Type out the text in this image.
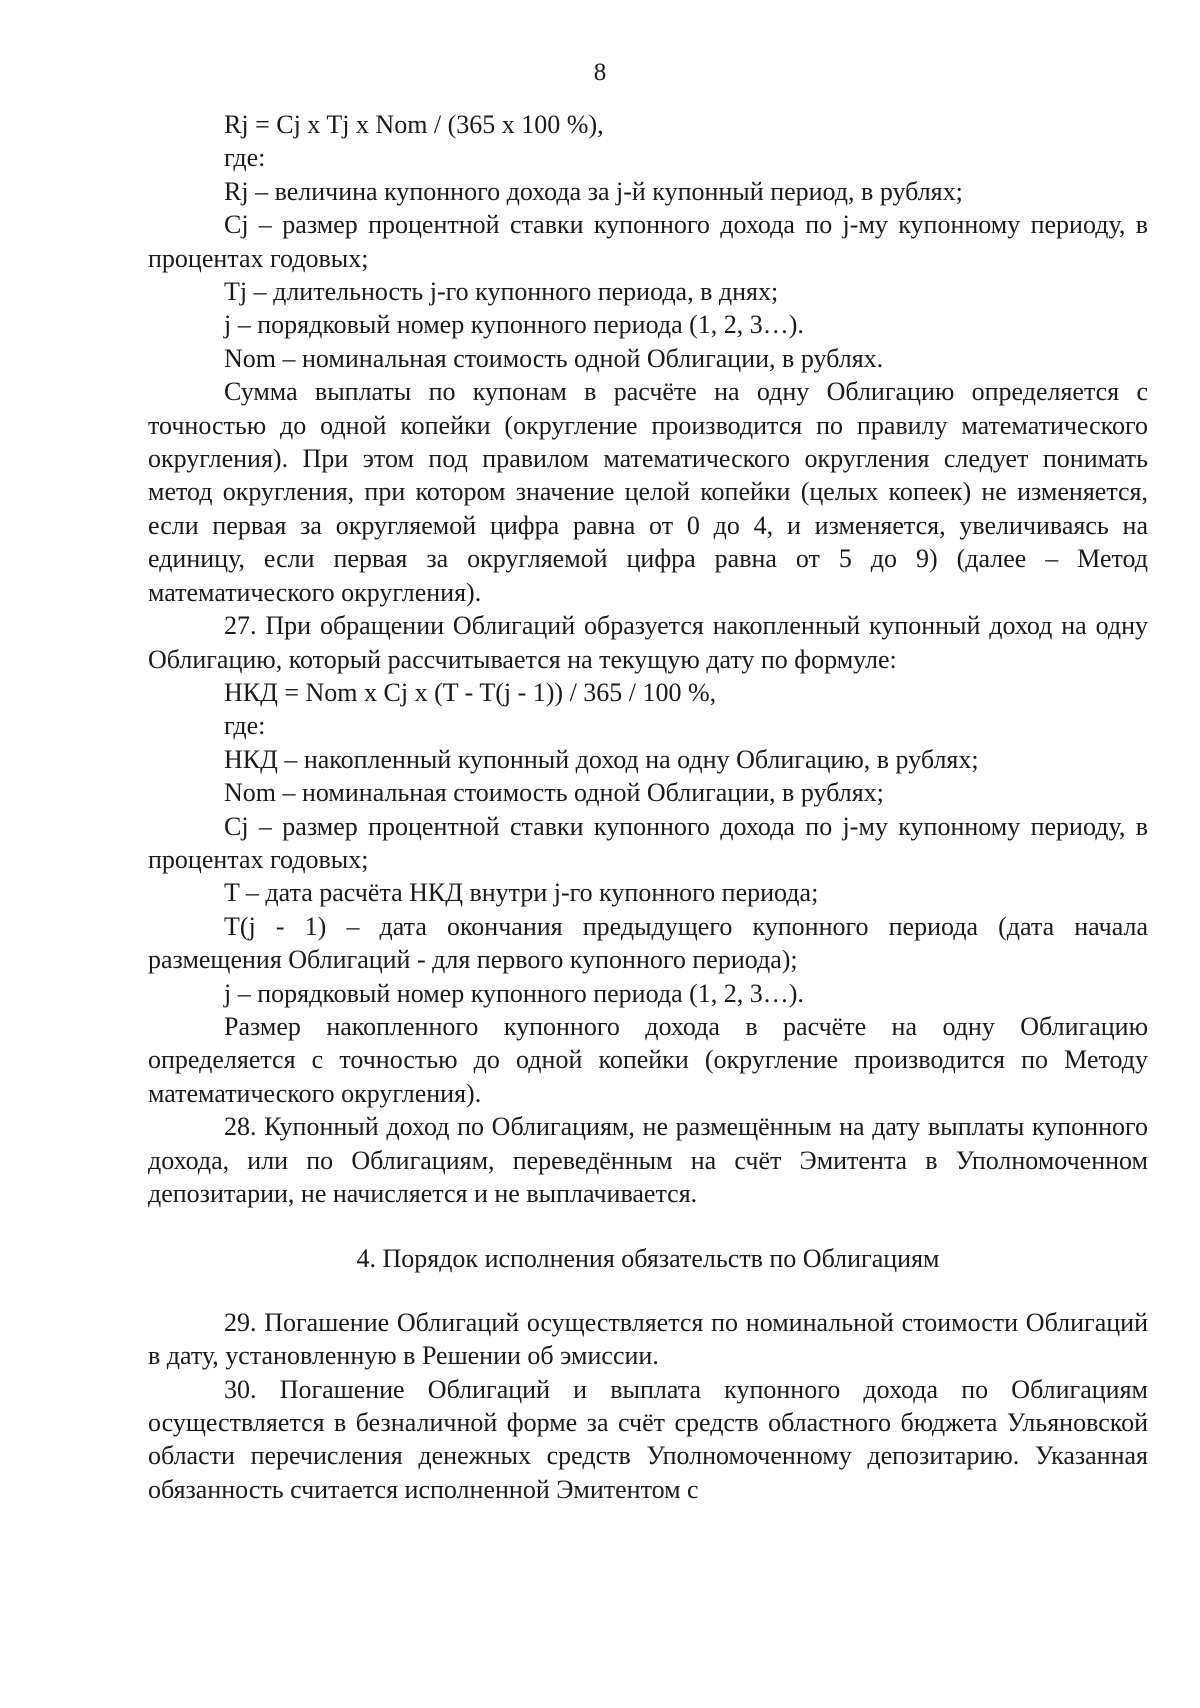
8
Rj = Cj x Tj x Nom / (365 x 100 %),
где:
Rj – величина купонного дохода за j-й купонный период, в рублях;
Cj – размер процентной ставки купонного дохода по j-му купонному периоду, в процентах годовых;
Tj – длительность j-го купонного периода, в днях;
j – порядковый номер купонного периода (1, 2, 3…).
Nom – номинальная стоимость одной Облигации, в рублях.
Сумма выплаты по купонам в расчёте на одну Облигацию определяется с точностью до одной копейки (округление производится по правилу математического округления). При этом под правилом математического округления следует понимать метод округления, при котором значение целой копейки (целых копеек) не изменяется, если первая за округляемой цифра равна от 0 до 4, и изменяется, увеличиваясь на единицу, если первая за округляемой цифра равна от 5 до 9) (далее – Метод математического округления).
27. При обращении Облигаций образуется накопленный купонный доход на одну Облигацию, который рассчитывается на текущую дату по формуле:
НКД = Nom x Cj x (T - T(j - 1)) / 365 / 100 %,
где:
НКД – накопленный купонный доход на одну Облигацию, в рублях;
Nom – номинальная стоимость одной Облигации, в рублях;
Cj – размер процентной ставки купонного дохода по j-му купонному периоду, в процентах годовых;
T – дата расчёта НКД внутри j-го купонного периода;
T(j - 1) – дата окончания предыдущего купонного периода (дата начала размещения Облигаций - для первого купонного периода);
j – порядковый номер купонного периода (1, 2, 3…).
Размер накопленного купонного дохода в расчёте на одну Облигацию определяется с точностью до одной копейки (округление производится по Методу математического округления).
28. Купонный доход по Облигациям, не размещённым на дату выплаты купонного дохода, или по Облигациям, переведённым на счёт Эмитента в Уполномоченном депозитарии, не начисляется и не выплачивается.
4. Порядок исполнения обязательств по Облигациям
29. Погашение Облигаций осуществляется по номинальной стоимости Облигаций в дату, установленную в Решении об эмиссии.
30. Погашение Облигаций и выплата купонного дохода по Облигациям осуществляется в безналичной форме за счёт средств областного бюджета Ульяновской области перечисления денежных средств Уполномоченному депозитарию. Указанная обязанность считается исполненной Эмитентом с
